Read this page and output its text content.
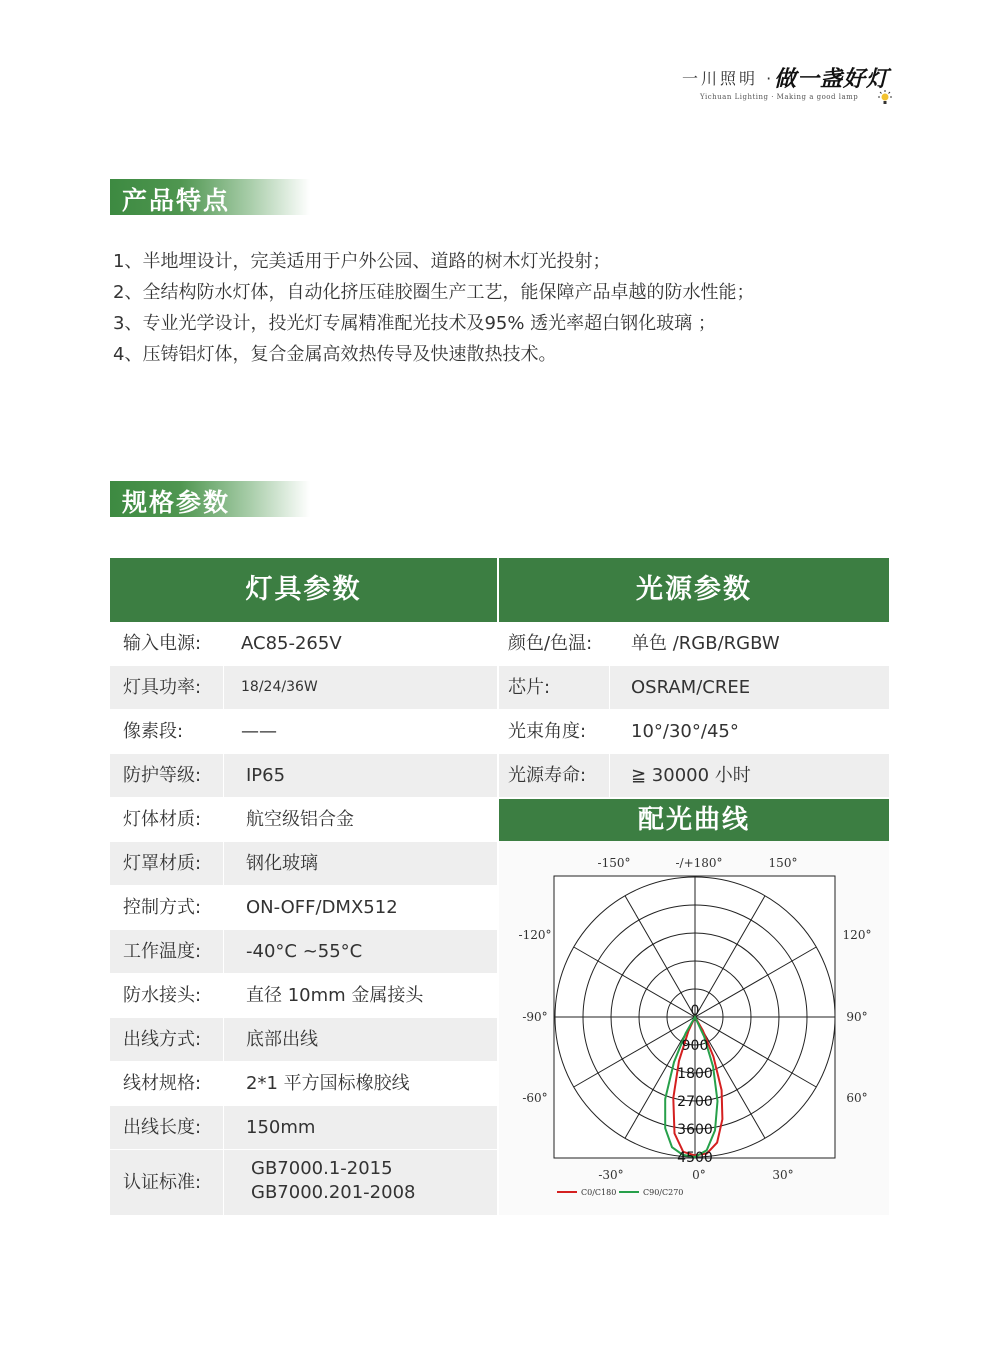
一川照明 · 做一盏好灯
Yichuan Lighting · Making a good lamp
产品特点
1、半地埋设计，完美适用于户外公园、道路的树木灯光投射；
2、全结构防水灯体，自动化挤压硅胶圈生产工艺，能保障产品卓越的防水性能；
3、专业光学设计，投光灯专属精准配光技术及95% 透光率超白钢化玻璃 ；
4、压铸铝灯体，复合金属高效热传导及快速散热技术。
规格参数
灯具参数	光源参数
输入电源:	AC85-265V
灯具功率:	18/24/36W
像素段:	——
防护等级:	IP65
灯体材质:	航空级铝合金
灯罩材质:	钢化玻璃
控制方式:	ON-OFF/DMX512
工作温度:	-40°C ~55°C
防水接头:	直径 10mm 金属接头
出线方式:	底部出线
线材规格:	2*1 平方国标橡胶线
出线长度:	150mm
认证标准:
GB7000.1-2015
GB7000.201-2008
颜色/色温:	单色 /RGB/RGBW
芯片:	OSRAM/CREE
光束角度:	10°/30°/45°
光源寿命:	≧ 30000 小时
配光曲线
-150°	-/+180°	150°
-120°
-90°
-60°
120°
90°
60°
-30°	0°	30°
0
900
1800
2700
3600
4500
C0/C180	C90/C270
